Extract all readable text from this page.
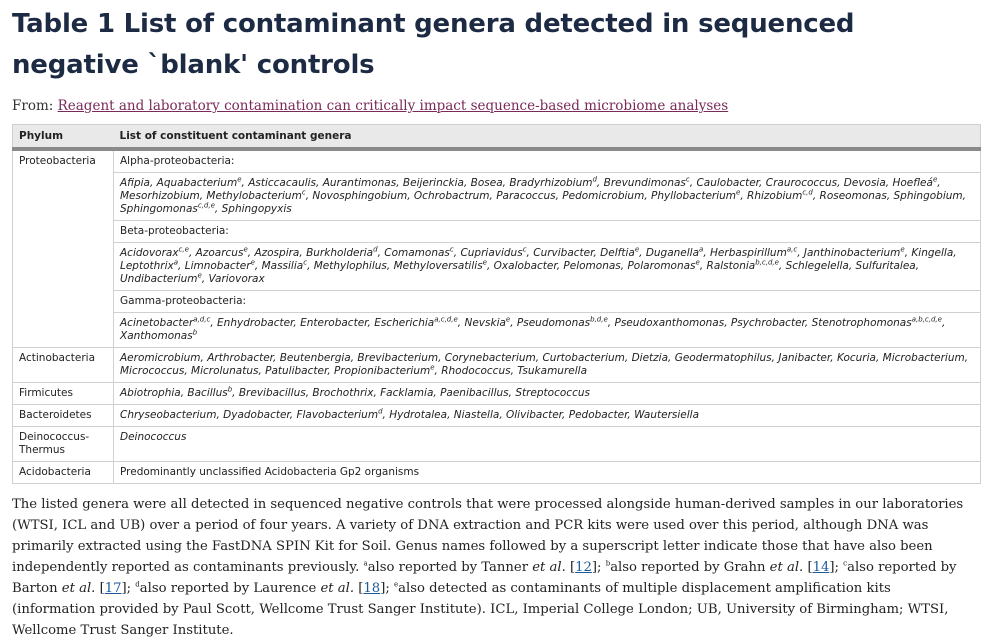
Table 1 List of contaminant genera detected in sequenced negative `blank' controls
From: Reagent and laboratory contamination can critically impact sequence-based microbiome analyses
Phylum	List of constituent contaminant genera
Proteobacteria	Alpha-proteobacteria:
	Afipia, Aquabacterium$^e$, Asticcacaulis, Aurantimonas, Beijerinckia, Bosea, Bradyrhizobium$^d$, Brevundimonas$^c$, Caulobacter, Craurococcus, Devosia, Hoefleá$^e$, Mesorhizobium, Methylobacterium$^c$, Novosphingobium, Ochrobactrum, Paracoccus, Pedomicrobium, Phyllobacterium$^e$, Rhizobium$^{c,d}$, Roseomonas, Sphingobium, Sphingomonas$^{c,d,e}$, Sphingopyxis
	Beta-proteobacteria:
	Acidovorax$^{c,e}$, Azoarcus$^e$, Azospira, Burkholderia$^d$, Comamonas$^c$, Cupriavidus$^c$, Curvibacter, Delftia$^e$, Duganella$^a$, Herbaspirillum$^{a,c}$, Janthinobacterium$^e$, Kingella, Leptothrix$^a$, Limnobacter$^e$, Massilia$^c$, Methylophilus, Methyloversatilis$^e$, Oxalobacter, Pelomonas, Polaromonas$^e$, Ralstonia$^{b,c,d,e}$, Schlegelella, Sulfuritalea, Undibacterium$^e$, Variovorax
	Gamma-proteobacteria:
	Acinetobacter$^{a,d,c}$, Enhydrobacter, Enterobacter, Escherichia$^{a,c,d,e}$, Nevskia$^e$, Pseudomonas$^{b,d,e}$, Pseudoxanthomonas, Psychrobacter, Stenotrophomonas$^{a,b,c,d,e}$, Xanthomonas$^b$
Actinobacteria	Aeromicrobium, Arthrobacter, Beutenbergia, Brevibacterium, Corynebacterium, Curtobacterium, Dietzia, Geodermatophilus, Janibacter, Kocuria, Microbacterium, Micrococcus, Microlunatus, Patulibacter, Propionibacterium$^e$, Rhodococcus, Tsukamurella
Firmicutes	Abiotrophia, Bacillus$^b$, Brevibacillus, Brochothrix, Facklamia, Paenibacillus, Streptococcus
Bacteroidetes	Chryseobacterium, Dyadobacter, Flavobacterium$^d$, Hydrotalea, Niastella, Olivibacter, Pedobacter, Wautersiella
Deinococcus-Thermus	Deinococcus
Acidobacteria	Predominantly unclassified Acidobacteria Gp2 organisms
The listed genera were all detected in sequenced negative controls that were processed alongside human-derived samples in our laboratories (WTSI, ICL and UB) over a period of four years. A variety of DNA extraction and PCR kits were used over this period, although DNA was primarily extracted using the FastDNA SPIN Kit for Soil. Genus names followed by a superscript letter indicate those that have also been independently reported as contaminants previously. $^a$also reported by Tanner et al. [12]; $^b$also reported by Grahn et al. [14]; $^c$also reported by Barton et al. [17]; $^d$also reported by Laurence et al. [18]; $^e$also detected as contaminants of multiple displacement amplification kits (information provided by Paul Scott, Wellcome Trust Sanger Institute). ICL, Imperial College London; UB, University of Birmingham; WTSI, Wellcome Trust Sanger Institute.
